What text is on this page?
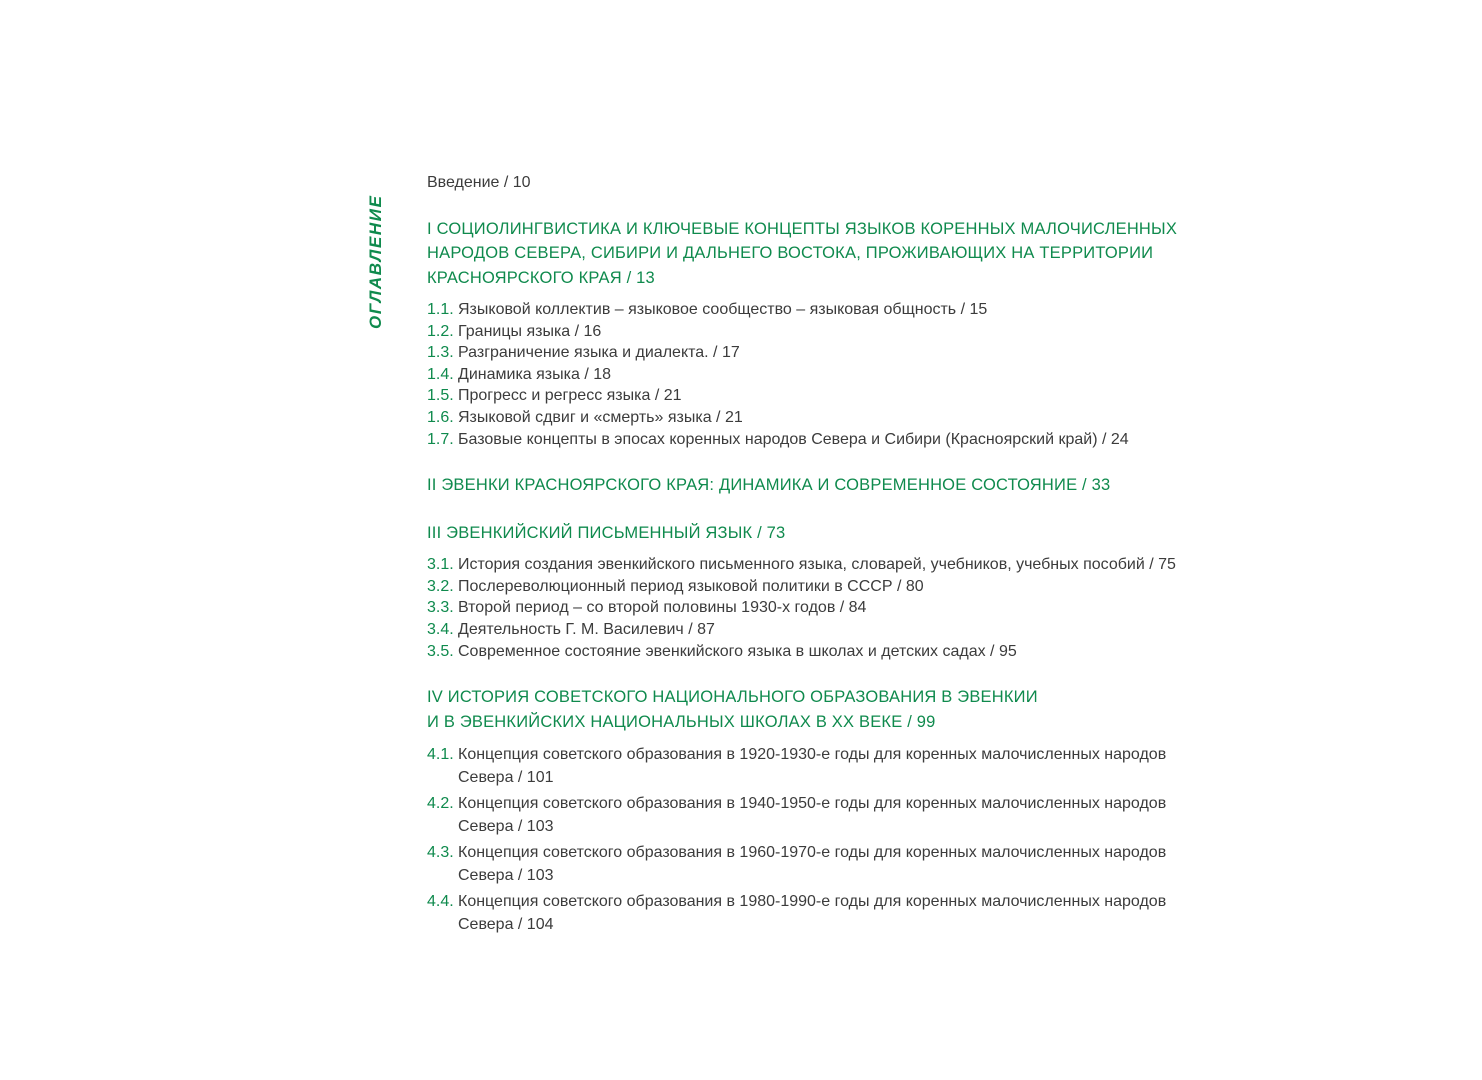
ОГЛАВЛЕНИЕ
Введение / 10
I СОЦИОЛИНГВИСТИКА И КЛЮЧЕВЫЕ КОНЦЕПТЫ ЯЗЫКОВ КОРЕННЫХ МАЛОЧИСЛЕННЫХ
НАРОДОВ СЕВЕРА, СИБИРИ И ДАЛЬНЕГО ВОСТОКА, ПРОЖИВАЮЩИХ НА ТЕРРИТОРИИ
КРАСНОЯРСКОГО КРАЯ / 13
1.1. Языковой коллектив – языковое сообщество – языковая общность / 15
1.2. Границы языка / 16
1.3. Разграничение языка и диалекта. / 17
1.4. Динамика языка / 18
1.5. Прогресс и регресс языка / 21
1.6. Языковой сдвиг и «смерть» языка / 21
1.7. Базовые концепты в эпосах коренных народов Севера и Сибири (Красноярский край) / 24
II ЭВЕНКИ КРАСНОЯРСКОГО КРАЯ: ДИНАМИКА И СОВРЕМЕННОЕ СОСТОЯНИЕ / 33
III ЭВЕНКИЙСКИЙ ПИСЬМЕННЫЙ ЯЗЫК / 73
3.1. История создания эвенкийского письменного языка, словарей, учебников, учебных пособий / 75
3.2. Послереволюционный период языковой политики в СССР / 80
3.3. Второй период – со второй половины 1930-х годов / 84
3.4. Деятельность Г. М. Василевич / 87
3.5. Современное состояние эвенкийского языка в школах и детских садах / 95
IV ИСТОРИЯ СОВЕТСКОГО НАЦИОНАЛЬНОГО ОБРАЗОВАНИЯ В ЭВЕНКИИ
И В ЭВЕНКИЙСКИХ НАЦИОНАЛЬНЫХ ШКОЛАХ В XX ВЕКЕ / 99
4.1. Концепция советского образования в 1920-1930-е годы для коренных малочисленных народов
Севера / 101
4.2. Концепция советского образования в 1940-1950-е годы для коренных малочисленных народов
Севера / 103
4.3. Концепция советского образования в 1960-1970-е годы для коренных малочисленных народов
Севера / 103
4.4. Концепция советского образования в 1980-1990-е годы для коренных малочисленных народов
Севера / 104
